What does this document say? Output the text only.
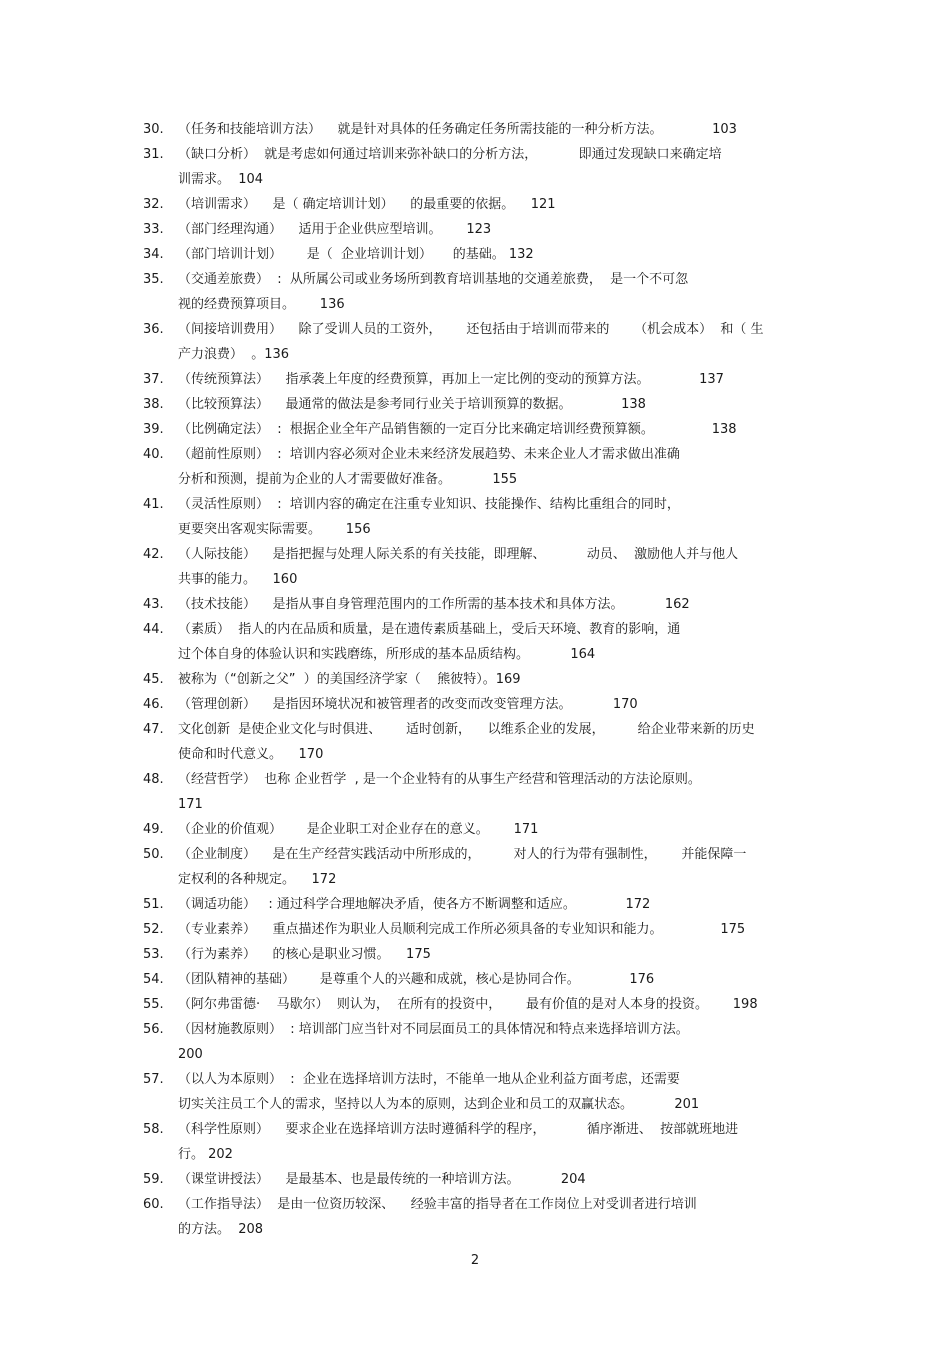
30.	（任务和技能培训方法）    就是针对具体的任务确定任务所需技能的一种分析方法。            103
31.	（缺口分析）  就是考虑如何通过培训来弥补缺口的分析方法，          即通过发现缺口来确定培
训需求。  104
32.	（培训需求）    是（ 确定培训计划）    的最重要的依据。    121
33.	（部门经理沟通）    适用于企业供应型培训。      123
34.	（部门培训计划）      是（  企业培训计划）     的基础。 132
35.	（交通差旅费）  :  从所属公司或业务场所到教育培训基地的交通差旅费，  是一个不可忽
视的经费预算项目。      136
36.	（间接培训费用）    除了受训人员的工资外，      还包括由于培训而带来的      （机会成本）  和（ 生
产力浪费）  。136
37.	（传统预算法）    指承袭上年度的经费预算，再加上一定比例的变动的预算方法。            137
38.	（比较预算法）    最通常的做法是参考同行业关于培训预算的数据。            138
39.	（比例确定法）  :  根据企业全年产品销售额的一定百分比来确定培训经费预算额。              138
40.	（超前性原则）  :  培训内容必须对企业未来经济发展趋势、未来企业人才需求做出准确
分析和预测，提前为企业的人才需要做好准备。          155
41.	（灵活性原则）  :  培训内容的确定在注重专业知识、技能操作、结构比重组合的同时，
更要突出客观实际需要。      156
42.	（人际技能）    是指把握与处理人际关系的有关技能，即理解、          动员、  激励他人并与他人
共事的能力。    160
43.	（技术技能）    是指从事自身管理范围内的工作所需的基本技术和具体方法。          162
44.	（素质）  指人的内在品质和质量，是在遗传素质基础上，受后天环境、教育的影响，通
过个体自身的体验认识和实践磨练，所形成的基本品质结构。          164
45.	被称为（“创新之父”  ）的美国经济学家（    熊彼特）。169
46.	（管理创新）    是指因环境状况和被管理者的改变而改变管理方法。          170
47.	文化创新  是使企业文化与时俱进、      适时创新，    以维系企业的发展，        给企业带来新的历史
使命和时代意义。    170
48.	（经营哲学）  也称 企业哲学  , 是一个企业特有的从事生产经营和管理活动的方法论原则。
171
49.	（企业的价值观）      是企业职工对企业存在的意义。      171
50.	（企业制度）    是在生产经营实践活动中所形成的，        对人的行为带有强制性，      并能保障一
定权利的各种规定。    172
51.	（调适功能）   : 通过科学合理地解决矛盾，使各方不断调整和适应。            172
52.	（专业素养）    重点描述作为职业人员顺利完成工作所必须具备的专业知识和能力。              175
53.	（行为素养）    的核心是职业习惯。    175
54.	（团队精神的基础）      是尊重个人的兴趣和成就，核心是协同合作。            176
55.	（阿尔弗雷德·    马歇尔）  则认为，  在所有的投资中，      最有价值的是对人本身的投资。      198
56.	（因材施教原则）  : 培训部门应当针对不同层面员工的具体情况和特点来选择培训方法。
200
57.	（以人为本原则）  :  企业在选择培训方法时，不能单一地从企业利益方面考虑，还需要
切实关注员工个人的需求，坚持以人为本的原则，达到企业和员工的双赢状态。          201
58.	（科学性原则）    要求企业在选择培训方法时遵循科学的程序，          循序渐进、  按部就班地进
行。 202
59.	（课堂讲授法）    是最基本、也是最传统的一种培训方法。          204
60.	（工作指导法）  是由一位资历较深、    经验丰富的指导者在工作岗位上对受训者进行培训
的方法。  208
2
